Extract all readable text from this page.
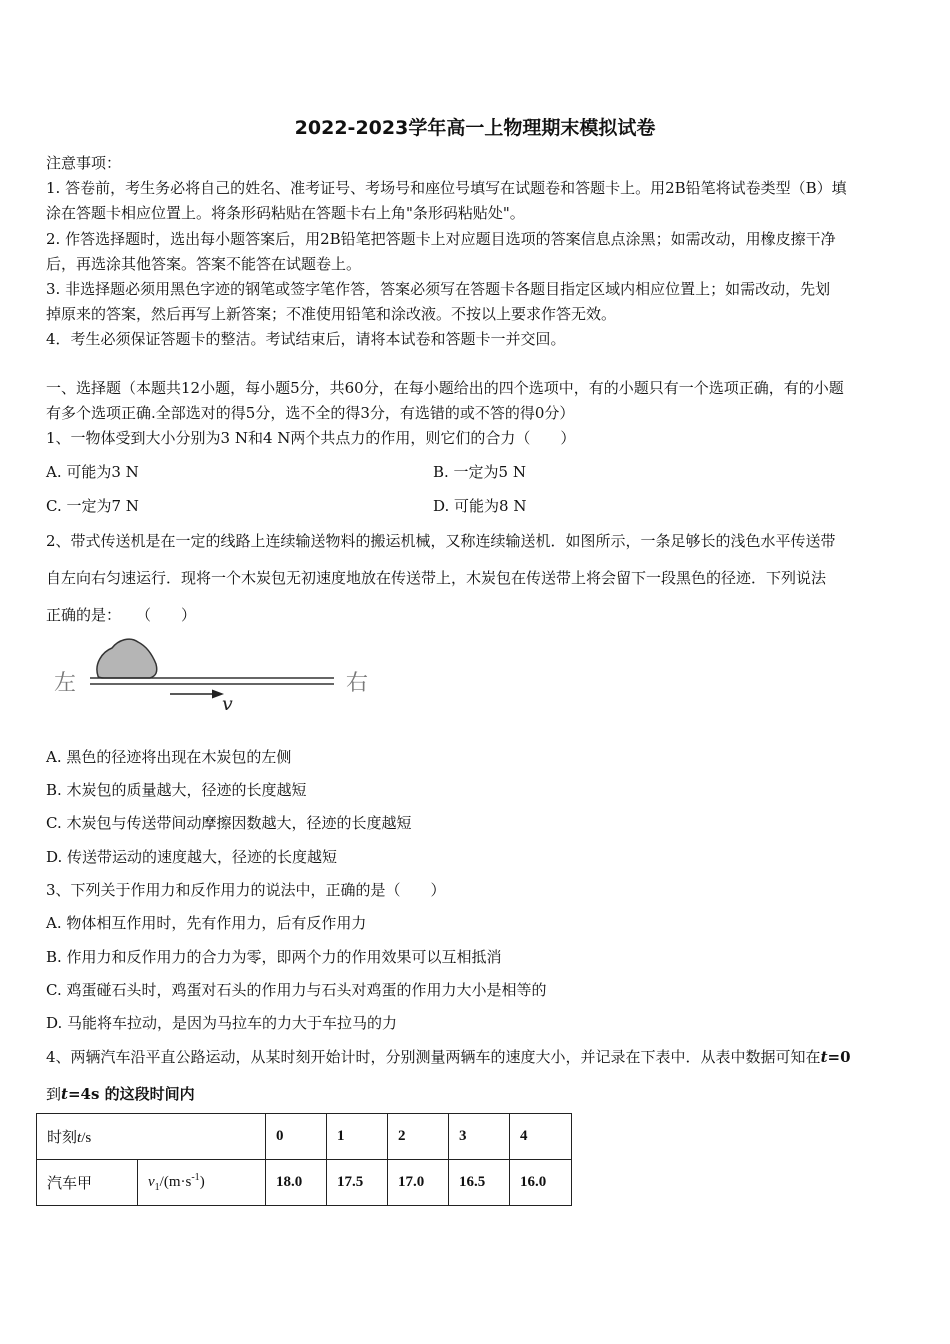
2022-2023学年高一上物理期末模拟试卷
注意事项：
1. 答卷前，考生务必将自己的姓名、准考证号、考场号和座位号填写在试题卷和答题卡上。用2B铅笔将试卷类型（B）填
涂在答题卡相应位置上。将条形码粘贴在答题卡右上角"条形码粘贴处"。
2. 作答选择题时，选出每小题答案后，用2B铅笔把答题卡上对应题目选项的答案信息点涂黑；如需改动，用橡皮擦干净
后，再选涂其他答案。答案不能答在试题卷上。
3. 非选择题必须用黑色字迹的钢笔或签字笔作答，答案必须写在答题卡各题目指定区域内相应位置上；如需改动，先划
掉原来的答案，然后再写上新答案；不准使用铅笔和涂改液。不按以上要求作答无效。
4．考生必须保证答题卡的整洁。考试结束后，请将本试卷和答题卡一并交回。
一、选择题（本题共12小题，每小题5分，共60分，在每小题给出的四个选项中，有的小题只有一个选项正确，有的小题
有多个选项正确.全部选对的得5分，选不全的得3分，有选错的或不答的得0分）
1、一物体受到大小分别为3 N和4 N两个共点力的作用，则它们的合力（　　）
A. 可能为3 N	B. 一定为5 N
C. 一定为7 N	D. 可能为8 N
2、带式传送机是在一定的线路上连续输送物料的搬运机械，又称连续输送机．如图所示，一条足够长的浅色水平传送带
自左向右匀速运行．现将一个木炭包无初速度地放在传送带上，木炭包在传送带上将会留下一段黑色的径迹．下列说法
正确的是：　　（　　）
左	右
v
A. 黑色的径迹将出现在木炭包的左侧
B. 木炭包的质量越大，径迹的长度越短
C. 木炭包与传送带间动摩擦因数越大，径迹的长度越短
D. 传送带运动的速度越大，径迹的长度越短
3、下列关于作用力和反作用力的说法中，正确的是（　　）
A. 物体相互作用时，先有作用力，后有反作用力
B. 作用力和反作用力的合力为零，即两个力的作用效果可以互相抵消
C. 鸡蛋碰石头时，鸡蛋对石头的作用力与石头对鸡蛋的作用力大小是相等的
D. 马能将车拉动，是因为马拉车的力大于车拉马的力
4、两辆汽车沿平直公路运动，从某时刻开始计时，分别测量两辆车的速度大小，并记录在下表中．从表中数据可知在t=0
到t=4s 的这段时间内
时刻t/s		0	1	2	3	4
汽车甲	$v_1/(m\cdot s^{-1})$	18.0	17.5	17.0	16.5	16.0
